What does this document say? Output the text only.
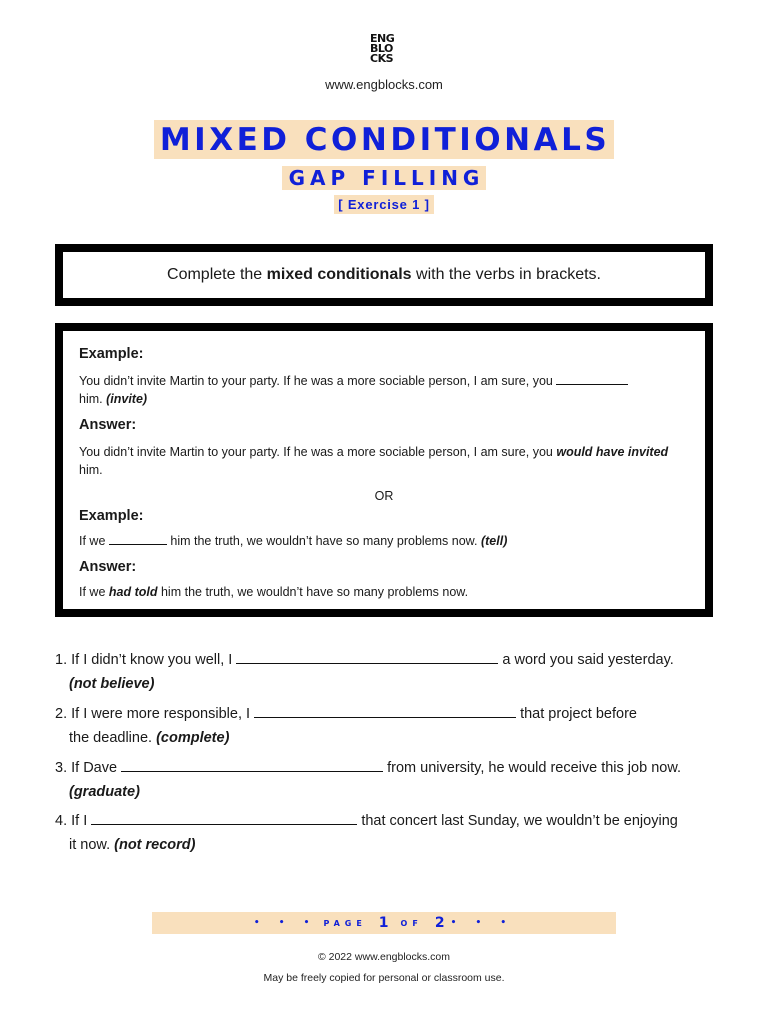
ENG
BLO
CKS
www.engblocks.com
MIXED CONDITIONALS
GAP FILLING
[ Exercise 1 ]
Complete the mixed conditionals with the verbs in brackets.

Example:

You didn’t invite Martin to your party. If he was a more sociable person, I am sure, you
him. (invite)

Answer:

You didn’t invite Martin to your party. If he was a more sociable person, I am sure, you would have invited him.

OR

Example:

If we	him the truth, we wouldn’t have so many problems now. (tell)

Answer:

If we had told him the truth, we wouldn’t have so many problems now.

1. If I didn’t know you well, I	a word you said yesterday.
(not believe)
2. If I were more responsible, I	that project before
the deadline. (complete)
3. If Dave	from university, he would receive this job now.
(graduate)
4. If I	that concert last Sunday, we wouldn’t be enjoying
it now. (not record)
• • • PAGE 1 OF 2 • • •
© 2022 www.engblocks.com
May be freely copied for personal or classroom use.
